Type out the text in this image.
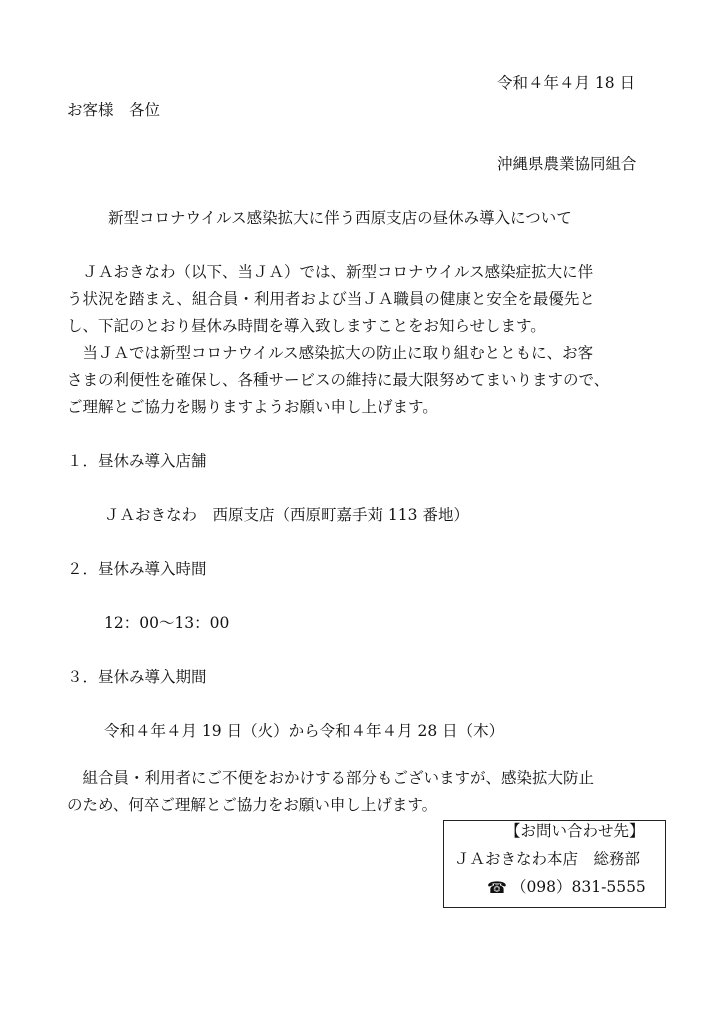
令和４年４月 18 日
お客様　各位
沖縄県農業協同組合
新型コロナウイルス感染拡大に伴う西原支店の昼休み導入について
　ＪＡおきなわ（以下、当ＪＡ）では、新型コロナウイルス感染症拡大に伴
う状況を踏まえ、組合員・利用者および当ＪＡ職員の健康と安全を最優先と
し、下記のとおり昼休み時間を導入致しますことをお知らせします。
　当ＪＡでは新型コロナウイルス感染拡大の防止に取り組むとともに、お客
さまの利便性を確保し、各種サービスの維持に最大限努めてまいりますので、
ご理解とご協力を賜りますようお願い申し上げます。
１．昼休み導入店舗
ＪＡおきなわ　西原支店（西原町嘉手苅 113 番地）
２．昼休み導入時間
12：00～13：00
３．昼休み導入期間
令和４年４月 19 日（火）から令和４年４月 28 日（木）
　組合員・利用者にご不便をおかけする部分もございますが、感染拡大防止
のため、何卒ご理解とご協力をお願い申し上げます。
【お問い合わせ先】
ＪＡおきなわ本店　総務部
☎ （098）831-5555
